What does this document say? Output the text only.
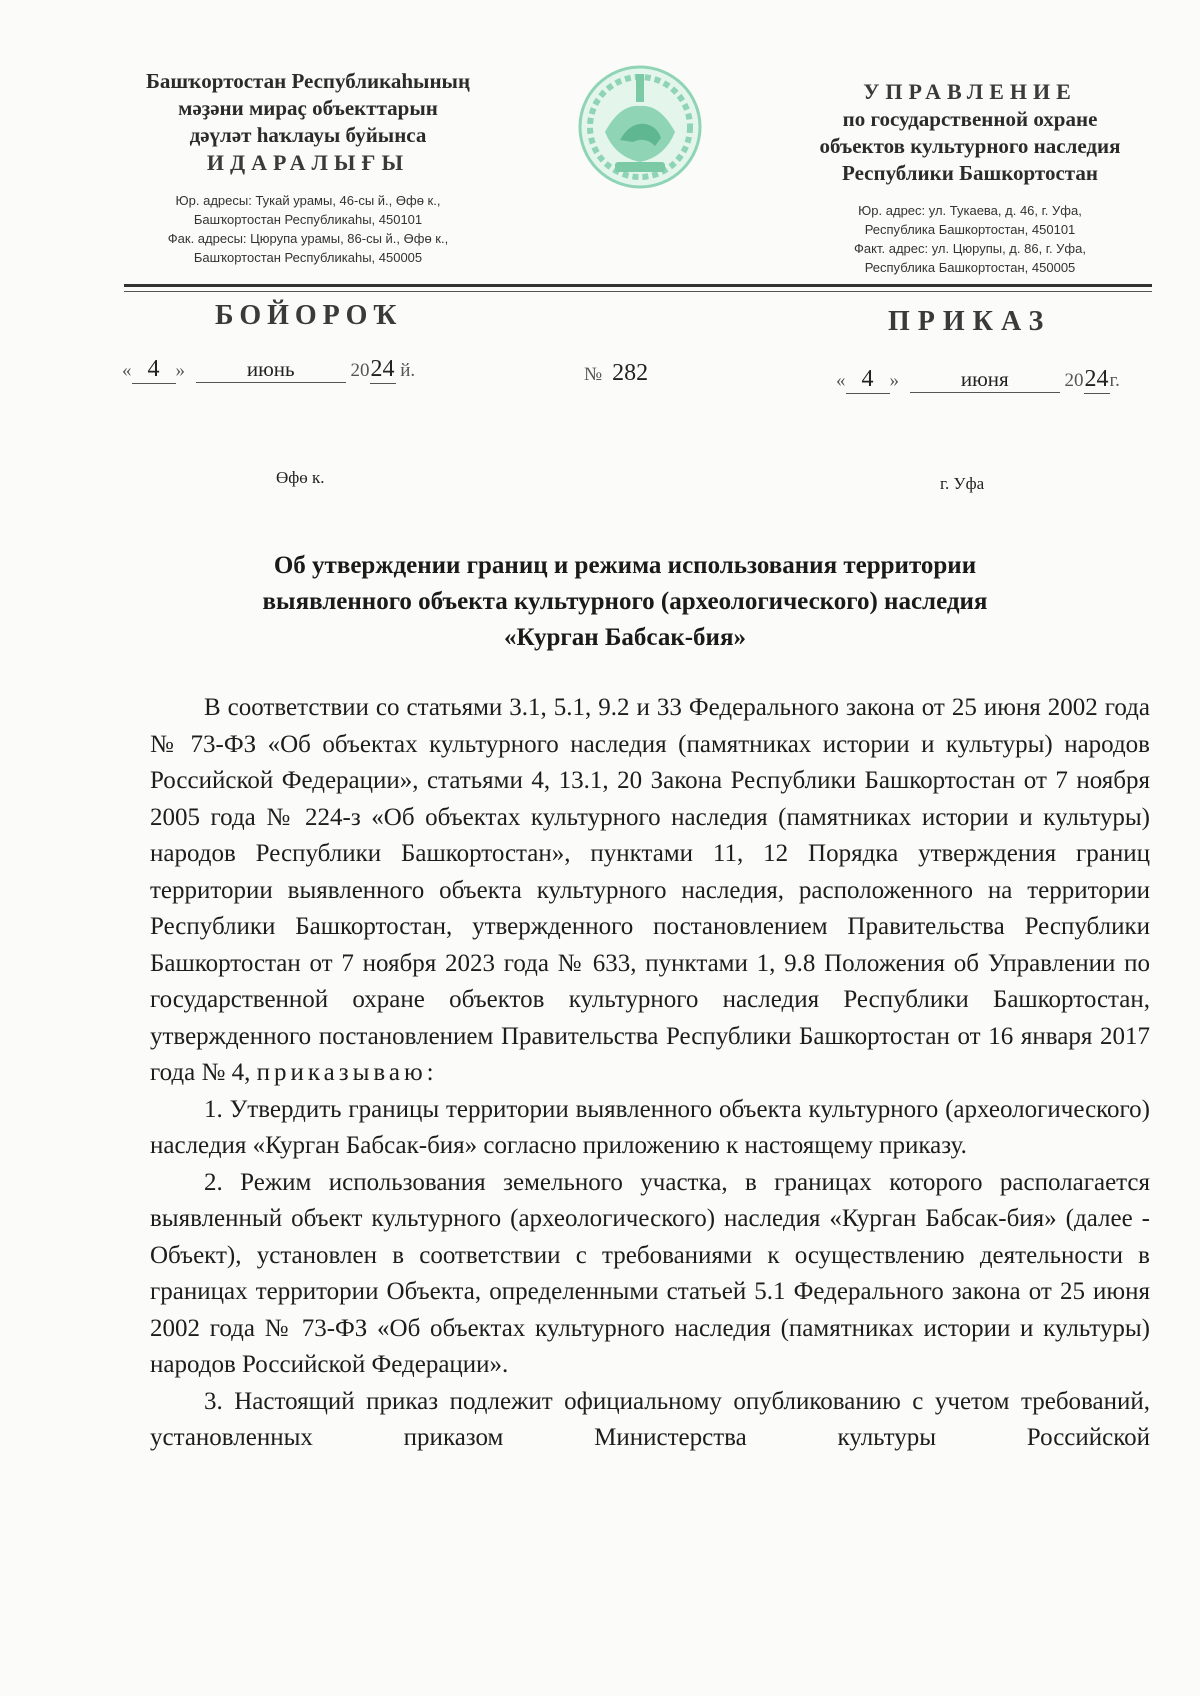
Башҡортостан Республикаһының
мәҙәни мираҫ объекттарын
дәүләт һаҡлауы буйынса
ИДАРАЛЫҒЫ
Юр. адресы: Тукай урамы, 46-сы й., Өфө к.,
Башҡортостан Республикаһы, 450101
Фак. адресы: Цюрупа урамы, 86-сы й., Өфө к.,
Башҡортостан Республикаһы, 450005
УПРАВЛЕНИЕ
по государственной охране
объектов культурного наследия
Республики Башкортостан
Юр. адрес: ул. Тукаева, д. 46, г. Уфа,
Республика Башкортостан, 450101
Факт. адрес: ул. Цюрупы, д. 86, г. Уфа,
Республика Башкортостан, 450005
БОЙОРОҠ	ПРИКАЗ
« 4 »	июнь	2024 й.	№ 282	« 4 »	июня	2024г.
Өфө к.	г. Уфа
Об утверждении границ и режима использования территории
выявленного объекта культурного (археологического) наследия
«Курган Бабсак-бия»

В соответствии со статьями 3.1, 5.1, 9.2 и 33 Федерального закона от 25 июня 2002 года № 73-ФЗ «Об объектах культурного наследия (памятниках истории и культуры) народов Российской Федерации», статьями 4, 13.1, 20 Закона Республики Башкортостан от 7 ноября 2005 года № 224-з «Об объектах культурного наследия (памятниках истории и культуры) народов Республики Башкортостан», пунктами 11, 12 Порядка утверждения границ территории выявленного объекта культурного наследия, расположенного на территории Республики Башкортостан, утвержденного постановлением Правительства Республики Башкортостан от 7 ноября 2023 года № 633, пунктами 1, 9.8 Положения об Управлении по государственной охране объектов культурного наследия Республики Башкортостан, утвержденного постановлением Правительства Республики Башкортостан от 16 января 2017 года № 4, приказываю:

1. Утвердить границы территории выявленного объекта культурного (археологического) наследия «Курган Бабсак-бия» согласно приложению к настоящему приказу.

2. Режим использования земельного участка, в границах которого располагается выявленный объект культурного (археологического) наследия «Курган Бабсак-бия» (далее - Объект), установлен в соответствии с требованиями к осуществлению деятельности в границах территории Объекта, определенными статьей 5.1 Федерального закона от 25 июня 2002 года № 73-ФЗ «Об объектах культурного наследия (памятниках истории и культуры) народов Российской Федерации».

3. Настоящий приказ подлежит официальному опубликованию с учетом требований, установленных приказом Министерства культуры Российской
